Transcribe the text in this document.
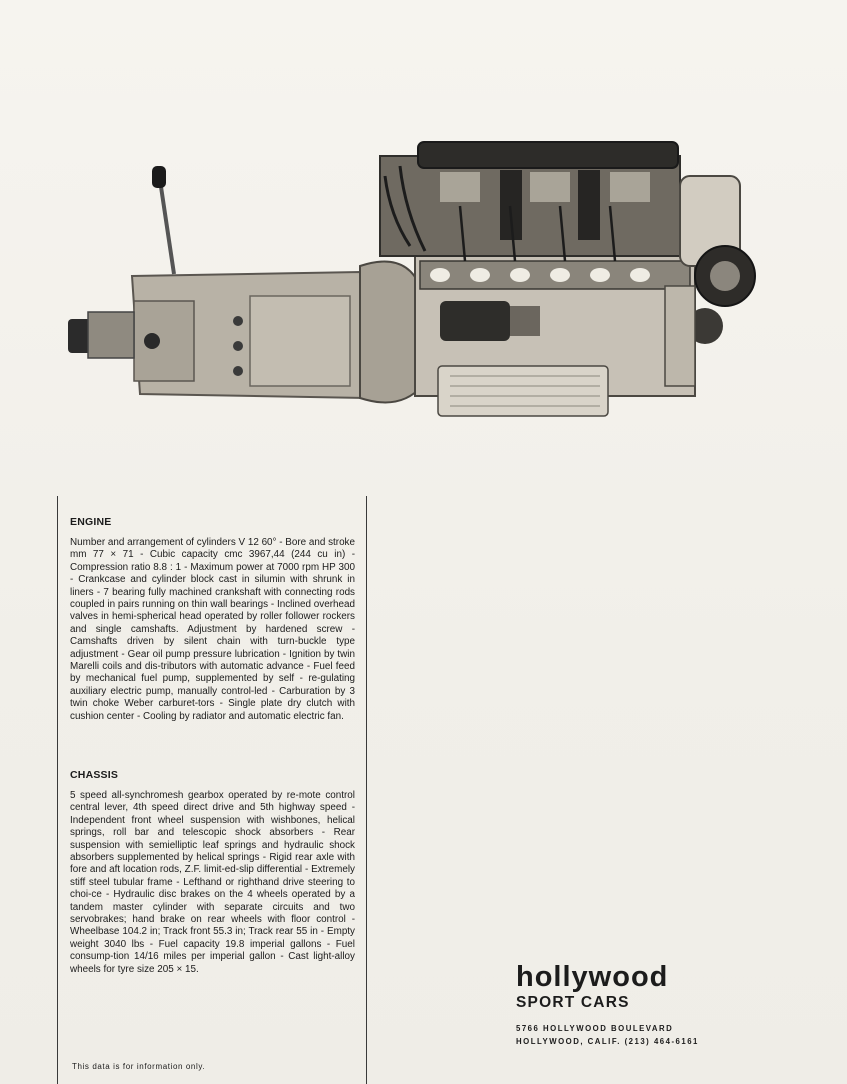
ENGINE

Number and arrangement of cylinders V 12 60° - Bore and stroke mm 77 × 71 - Cubic capacity cmc 3967,44 (244 cu in) - Compression ratio 8.8 : 1 - Maximum power at 7000 rpm HP 300 - Crankcase and cylinder block cast in silumin with shrunk in liners - 7 bearing fully machined crankshaft with connecting rods coupled in pairs running on thin wall bearings - Inclined overhead valves in hemi-spherical head operated by roller follower rockers and single camshafts. Adjustment by hardened screw - Camshafts driven by silent chain with turn-buckle type adjustment - Gear oil pump pressure lubrication - Ignition by twin Marelli coils and dis-tributors with automatic advance - Fuel feed by mechanical fuel pump, supplemented by self - re-gulating auxiliary electric pump, manually control-led - Carburation by 3 twin choke Weber carburet-tors - Single plate dry clutch with cushion center - Cooling by radiator and automatic electric fan.

CHASSIS

5 speed all-synchromesh gearbox operated by re-mote control central lever, 4th speed direct drive and 5th highway speed - Independent front wheel suspension with wishbones, helical springs, roll bar and telescopic shock absorbers - Rear suspension with semielliptic leaf springs and hydraulic shock absorbers supplemented by helical springs - Rigid rear axle with fore and aft location rods, Z.F. limit-ed-slip differential - Extremely stiff steel tubular frame - Lefthand or righthand drive steering to choi-ce - Hydraulic disc brakes on the 4 wheels operated by a tandem master cylinder with separate circuits and two servobrakes; hand brake on rear wheels with floor control - Wheelbase 104.2 in; Track front 55.3 in; Track rear 55 in - Empty weight 3040 lbs - Fuel capacity 19.8 imperial gallons - Fuel consump-tion 14/16 miles per imperial gallon - Cast light-alloy wheels for tyre size 205 × 15.

This data is for information only.
hollywood
SPORT CARS
5766 HOLLYWOOD BOULEVARD
HOLLYWOOD, CALIF. (213) 464-6161
